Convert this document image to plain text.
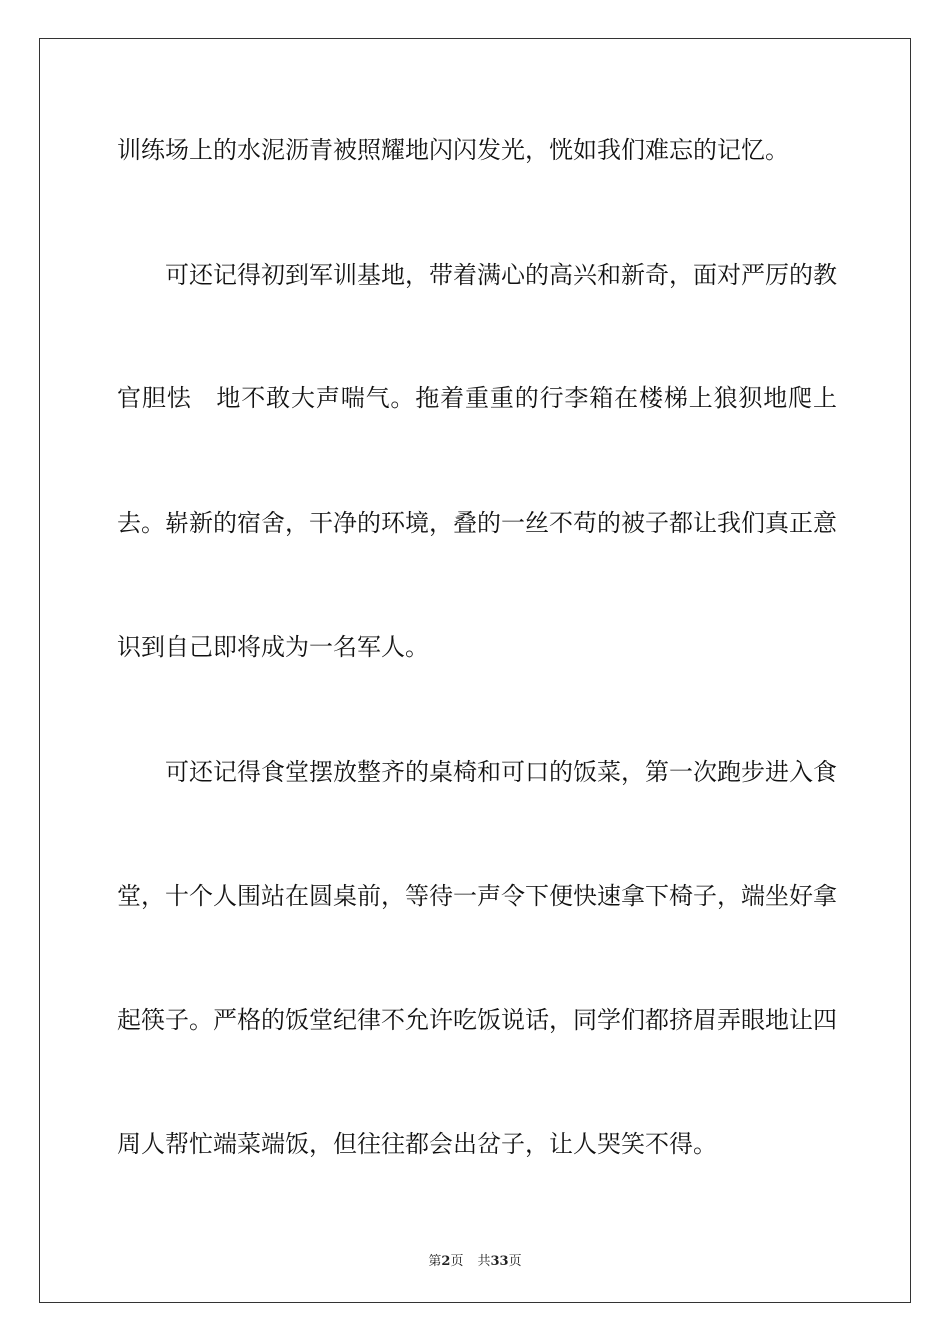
训练场上的水泥沥青被照耀地闪闪发光，恍如我们难忘的记忆。
可还记得初到军训基地，带着满心的高兴和新奇，面对严厉的教
官胆怯　地不敢大声喘气。拖着重重的行李箱在楼梯上狼狈地爬上
去。崭新的宿舍，干净的环境，叠的一丝不苟的被子都让我们真正意
识到自己即将成为一名军人。
可还记得食堂摆放整齐的桌椅和可口的饭菜，第一次跑步进入食
堂，十个人围站在圆桌前，等待一声令下便快速拿下椅子，端坐好拿
起筷子。严格的饭堂纪律不允许吃饭说话，同学们都挤眉弄眼地让四
周人帮忙端菜端饭，但往往都会出岔子，让人哭笑不得。
第2页 共33页
